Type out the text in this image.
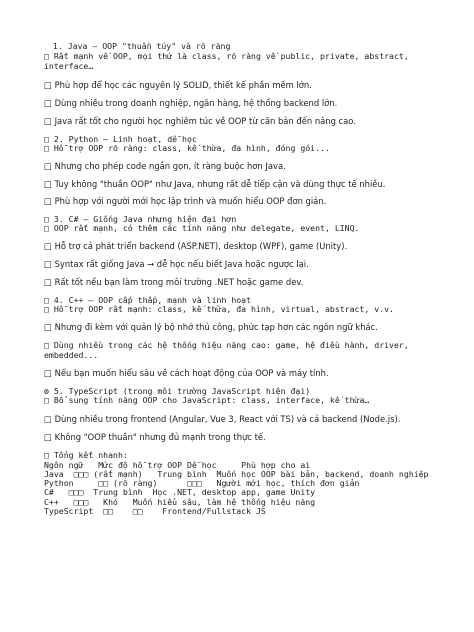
1. Java – OOP "thuần túy" và rõ ràng
□ Rất mạnh về OOP, mọi thứ là class, rõ ràng về public, private, abstract,
interface…
□ Phù hợp để học các nguyên lý SOLID, thiết kế phần mềm lớn.
□ Dùng nhiều trong doanh nghiệp, ngân hàng, hệ thống backend lớn.
□ Java rất tốt cho người học nghiêm túc về OOP từ căn bản đến nâng cao.
□ 2. Python – Linh hoạt, dễ học
□ Hỗ trợ OOP rõ ràng: class, kế thừa, đa hình, đóng gói...
□ Nhưng cho phép code ngắn gọn, ít ràng buộc hơn Java.
□ Tuy không "thuần OOP" như Java, nhưng rất dễ tiếp cận và dùng thực tế nhiều.
□ Phù hợp với người mới học lập trình và muốn hiểu OOP đơn giản.
□ 3. C# – Giống Java nhưng hiện đại hơn
□ OOP rất mạnh, có thêm các tính năng như delegate, event, LINQ.
□ Hỗ trợ cả phát triển backend (ASP.NET), desktop (WPF), game (Unity).
□ Syntax rất giống Java → dễ học nếu biết Java hoặc ngược lại.
□ Rất tốt nếu bạn làm trong môi trường .NET hoặc game dev.
□ 4. C++ – OOP cấp thấp, mạnh và linh hoạt
□ Hỗ trợ OOP rất mạnh: class, kế thừa, đa hình, virtual, abstract, v.v.
□ Nhưng đi kèm với quản lý bộ nhớ thủ công, phức tạp hơn các ngôn ngữ khác.
□ Dùng nhiều trong các hệ thống hiệu năng cao: game, hệ điều hành, driver,
embedded...
□ Nếu bạn muốn hiểu sâu về cách hoạt động của OOP và máy tính.
⚙ 5. TypeScript (trong môi trường JavaScript hiện đại)
□ Bổ sung tính năng OOP cho JavaScript: class, interface, kế thừa…
□ Dùng nhiều trong frontend (Angular, Vue 3, React với TS) và cả backend (Node.js).
□ Không "OOP thuần" nhưng đủ mạnh trong thực tế.
□ Tổng kết nhanh:
Ngôn ngữ   Mức độ hỗ trợ OOP Dễ học     Phù hợp cho ai
Java  □□□ (rất mạnh)   Trung bình  Muốn học OOP bài bản, backend, doanh nghiệp
Python     □□ (rõ ràng)      □□□   Người mới học, thích đơn giản
C#   □□□  Trung bình  Học .NET, desktop app, game Unity
C++   □□□   Khó   Muốn hiểu sâu, làm hệ thống hiệu năng
TypeScript  □□    □□    Frontend/Fullstack JS
